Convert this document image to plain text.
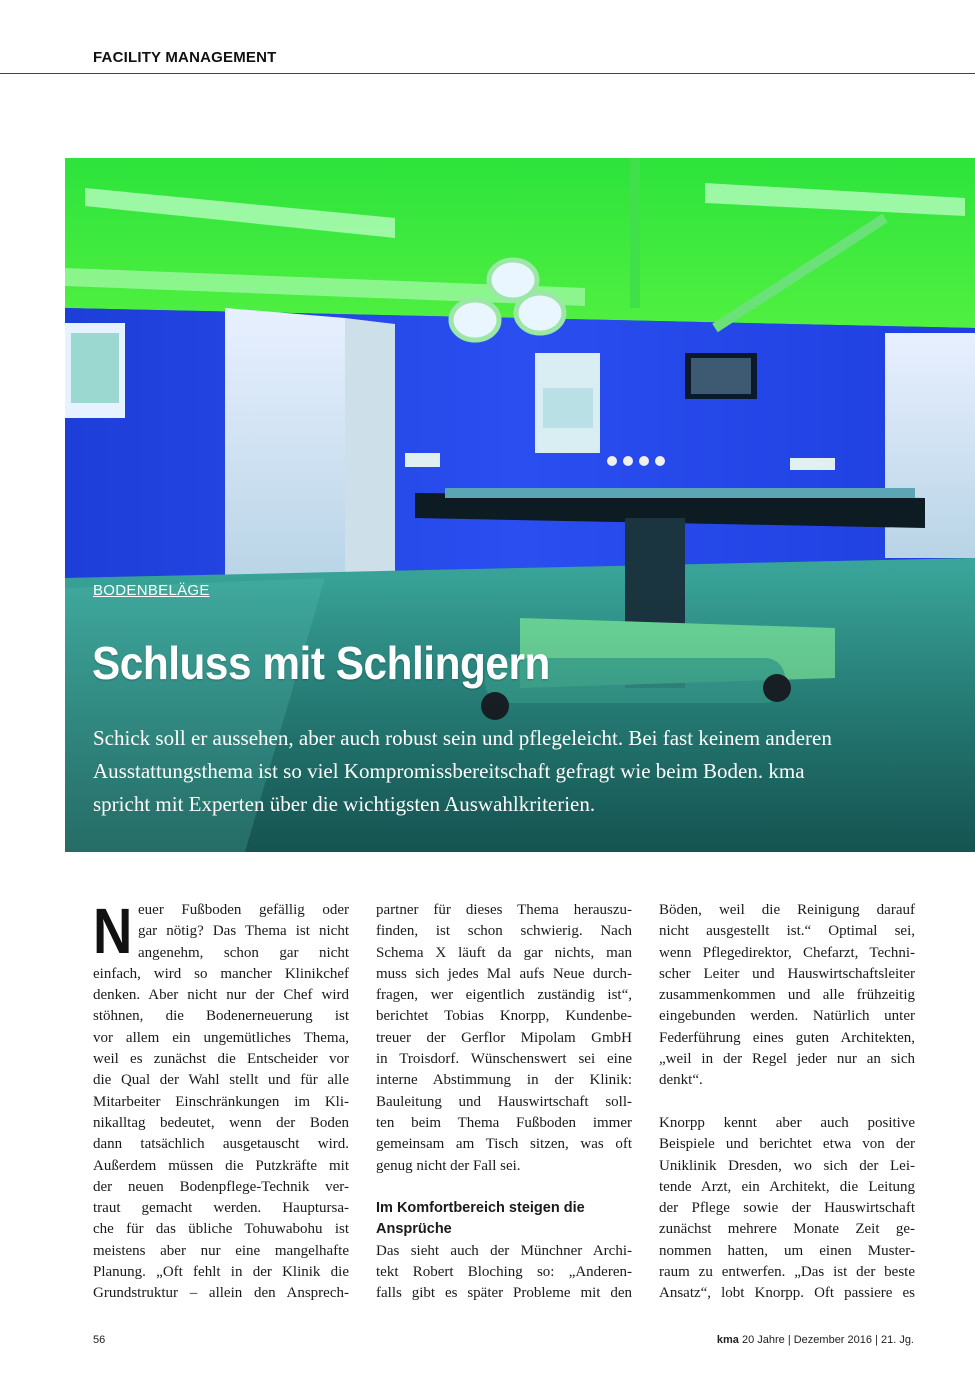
FACILITY MANAGEMENT
BODENBELÄGE
Schluss mit Schlingern

Schick soll er aussehen, aber auch robust sein und pflegeleicht. Bei fast keinem anderen
Ausstattungsthema ist so viel Kompromissbereitschaft gefragt wie beim Boden. kma
spricht mit Experten über die wichtigsten Auswahlkriterien.

N euer Fußboden gefällig oder
gar nötig? Das Thema ist nicht
angenehm, schon gar nicht
einfach, wird so mancher Klinikchef
denken. Aber nicht nur der Chef wird
stöhnen, die Bodenerneuerung ist
vor allem ein ungemütliches Thema,
weil es zunächst die Entscheider vor
die Qual der Wahl stellt und für alle
Mitarbeiter Einschränkungen im Kli-
nikalltag bedeutet, wenn der Boden
dann tatsächlich ausgetauscht wird.
Außerdem müssen die Putzkräfte mit
der neuen Bodenpflege-Technik ver-
traut gemacht werden. Hauptursa-
che für das übliche Tohuwabohu ist
meistens aber nur eine mangelhafte
Planung. „Oft fehlt in der Klinik die
Grundstruktur – allein den Ansprech-
partner für dieses Thema herauszu-
finden, ist schon schwierig. Nach
Schema X läuft da gar nichts, man
muss sich jedes Mal aufs Neue durch-
fragen, wer eigentlich zuständig ist“,
berichtet Tobias Knorpp, Kundenbe-
treuer der Gerflor Mipolam GmbH
in Troisdorf. Wünschenswert sei eine
interne Abstimmung in der Klinik:
Bauleitung und Hauswirtschaft soll-
ten beim Thema Fußboden immer
gemeinsam am Tisch sitzen, was oft
genug nicht der Fall sei.
Im Komfortbereich steigen die
Ansprüche
Das sieht auch der Münchner Archi-
tekt Robert Bloching so: „Anderen-
falls gibt es später Probleme mit den
Böden, weil die Reinigung darauf
nicht ausgestellt ist.“ Optimal sei,
wenn Pflegedirektor, Chefarzt, Techni-
scher Leiter und Hauswirtschaftsleiter
zusammenkommen und alle frühzeitig
eingebunden werden. Natürlich unter
Federführung eines guten Architekten,
„weil in der Regel jeder nur an sich
denkt“.
Knorpp kennt aber auch positive
Beispiele und berichtet etwa von der
Uniklinik Dresden, wo sich der Lei-
tende Arzt, ein Architekt, die Leitung
der Pflege sowie der Hauswirtschaft
zunächst mehrere Monate Zeit ge-
nommen hatten, um einen Muster-
raum zu entwerfen. „Das ist der beste
Ansatz“, lobt Knorpp. Oft passiere es
56	kma 20 Jahre | Dezember 2016 | 21. Jg.
